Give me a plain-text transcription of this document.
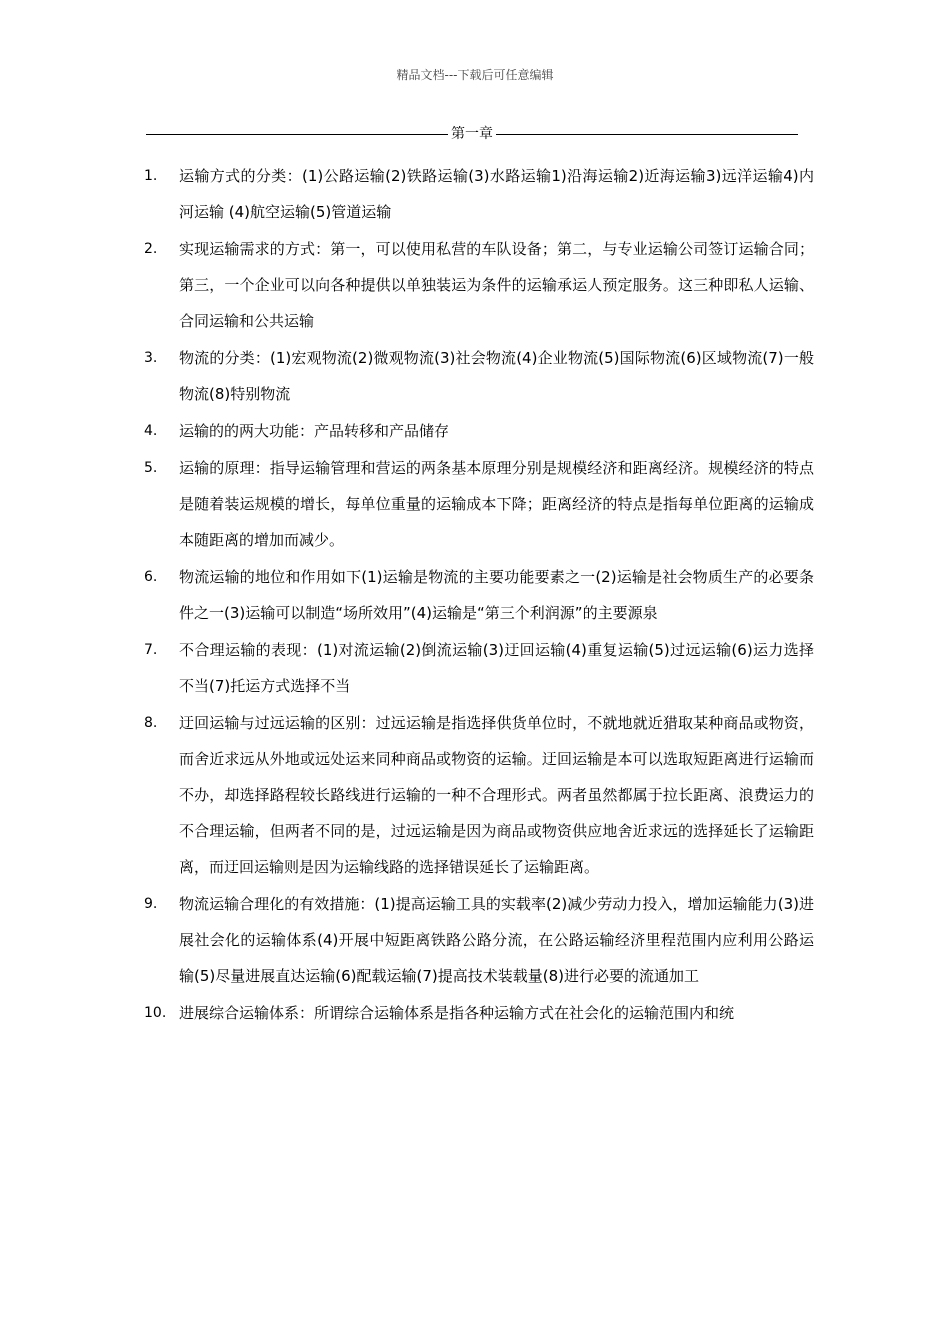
精品文档---下载后可任意编辑
第一章
1.	运输方式的分类：(1)公路运输(2)铁路运输(3)水路运输1)沿海运输2)近海运输3)远洋运输4)内河运输 (4)航空运输(5)管道运输
2.	实现运输需求的方式：第一，可以使用私营的车队设备；第二，与专业运输公司签订运输合同；第三，一个企业可以向各种提供以单独装运为条件的运输承运人预定服务。这三种即私人运输、合同运输和公共运输
3.	物流的分类：(1)宏观物流(2)微观物流(3)社会物流(4)企业物流(5)国际物流(6)区域物流(7)一般物流(8)特别物流
4.	运输的的两大功能：产品转移和产品储存
5.	运输的原理：指导运输管理和营运的两条基本原理分别是规模经济和距离经济。规模经济的特点是随着装运规模的增长，每单位重量的运输成本下降；距离经济的特点是指每单位距离的运输成本随距离的增加而减少。
6.	物流运输的地位和作用如下(1)运输是物流的主要功能要素之一(2)运输是社会物质生产的必要条件之一(3)运输可以制造“场所效用”(4)运输是“第三个利润源”的主要源泉
7.	不合理运输的表现：(1)对流运输(2)倒流运输(3)迂回运输(4)重复运输(5)过远运输(6)运力选择不当(7)托运方式选择不当
8.	迂回运输与过远运输的区别：过远运输是指选择供货单位时，不就地就近猎取某种商品或物资，而舍近求远从外地或远处运来同种商品或物资的运输。迂回运输是本可以选取短距离进行运输而不办，却选择路程较长路线进行运输的一种不合理形式。两者虽然都属于拉长距离、浪费运力的不合理运输，但两者不同的是，过远运输是因为商品或物资供应地舍近求远的选择延长了运输距离，而迂回运输则是因为运输线路的选择错误延长了运输距离。
9.	物流运输合理化的有效措施：(1)提高运输工具的实载率(2)减少劳动力投入，增加运输能力(3)进展社会化的运输体系(4)开展中短距离铁路公路分流，在公路运输经济里程范围内应利用公路运输(5)尽量进展直达运输(6)配载运输(7)提高技术装载量(8)进行必要的流通加工
10. 进展综合运输体系：所谓综合运输体系是指各种运输方式在社会化的运输范围内和统
